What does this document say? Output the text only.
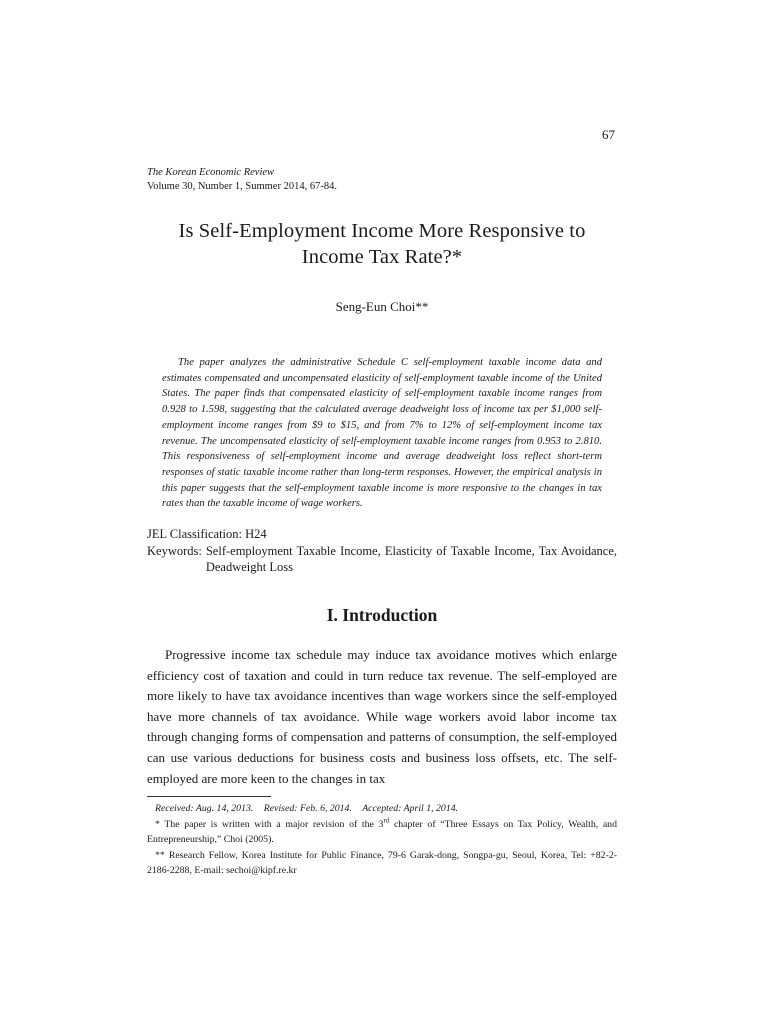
67
The Korean Economic Review
Volume 30, Number 1, Summer 2014, 67-84.
Is Self-Employment Income More Responsive to
Income Tax Rate?*
Seng-Eun Choi**

The paper analyzes the administrative Schedule C self-employment taxable income data and estimates compensated and uncompensated elasticity of self-employment taxable income of the United States. The paper finds that compensated elasticity of self-employment taxable income ranges from 0.928 to 1.598, suggesting that the calculated average deadweight loss of income tax per $1,000 self-employment income ranges from $9 to $15, and from 7% to 12% of self-employment income tax revenue. The uncompensated elasticity of self-employment taxable income ranges from 0.953 to 2.810. This responsiveness of self-employment income and average deadweight loss reflect short-term responses of static taxable income rather than long-term responses. However, the empirical analysis in this paper suggests that the self-employment taxable income is more responsive to the changes in tax rates than the taxable income of wage workers.

JEL Classification: H24
Keywords: Self-employment Taxable Income, Elasticity of Taxable Income, Tax Avoidance, Deadweight Loss
I. Introduction

Progressive income tax schedule may induce tax avoidance motives which enlarge efficiency cost of taxation and could in turn reduce tax revenue. The self-employed are more likely to have tax avoidance incentives than wage workers since the self-employed have more channels of tax avoidance. While wage workers avoid labor income tax through changing forms of compensation and patterns of consumption, the self-employed can use various deductions for business costs and business loss offsets, etc. The self-employed are more keen to the changes in tax

Received: Aug. 14, 2013. Revised: Feb. 6, 2014. Accepted: April 1, 2014.

* The paper is written with a major revision of the 3rd chapter of “Three Essays on Tax Policy, Wealth, and Entrepreneurship,” Choi (2005).

** Research Fellow, Korea Institute for Public Finance, 79-6 Garak-dong, Songpa-gu, Seoul, Korea, Tel: +82-2-2186-2288, E-mail: sechoi@kipf.re.kr
